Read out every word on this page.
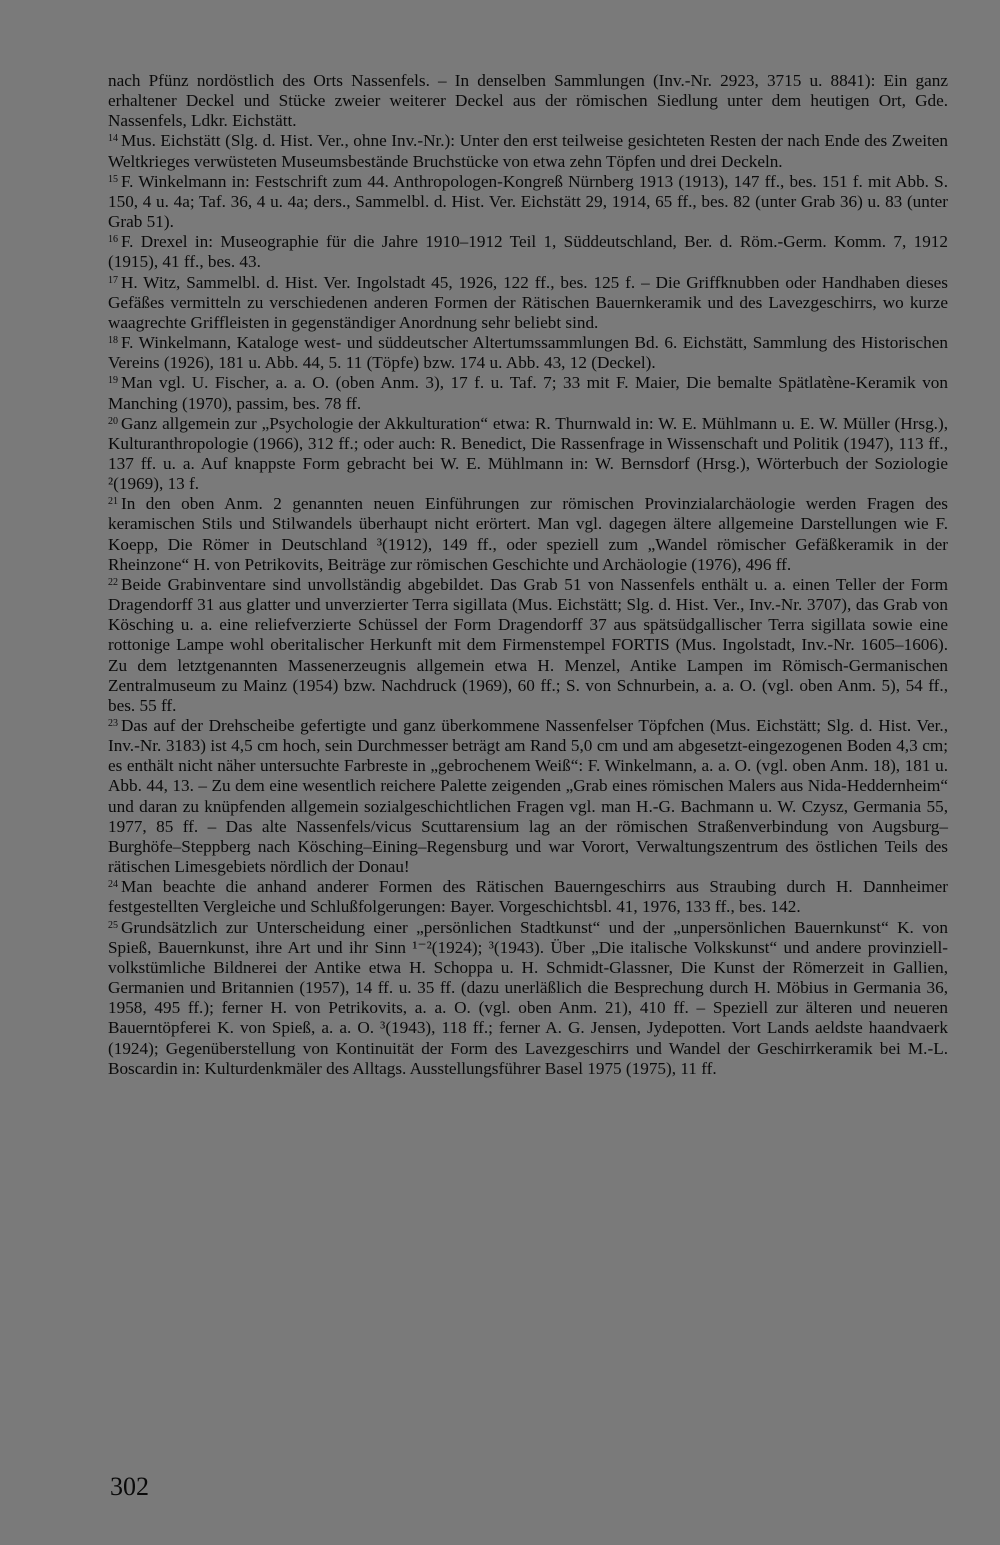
nach Pfünz nordöstlich des Orts Nassenfels. – In denselben Sammlungen (Inv.-Nr. 2923, 3715 u. 8841): Ein ganz erhaltener Deckel und Stücke zweier weiterer Deckel aus der römischen Siedlung unter dem heutigen Ort, Gde. Nassenfels, Ldkr. Eichstätt.

$^{14}$ Mus. Eichstätt (Slg. d. Hist. Ver., ohne Inv.-Nr.): Unter den erst teilweise gesichteten Resten der nach Ende des Zweiten Weltkrieges verwüsteten Museumsbestände Bruchstücke von etwa zehn Töpfen und drei Deckeln.

$^{15}$ F. Winkelmann in: Festschrift zum 44. Anthropologen-Kongreß Nürnberg 1913 (1913), 147 ff., bes. 151 f. mit Abb. S. 150, 4 u. 4a; Taf. 36, 4 u. 4a; ders., Sammelbl. d. Hist. Ver. Eichstätt 29, 1914, 65 ff., bes. 82 (unter Grab 36) u. 83 (unter Grab 51).

$^{16}$ F. Drexel in: Museographie für die Jahre 1910–1912 Teil 1, Süddeutschland, Ber. d. Röm.-Germ. Komm. 7, 1912 (1915), 41 ff., bes. 43.

$^{17}$ H. Witz, Sammelbl. d. Hist. Ver. Ingolstadt 45, 1926, 122 ff., bes. 125 f. – Die Griffknubben oder Handhaben dieses Gefäßes vermitteln zu verschiedenen anderen Formen der Rätischen Bauernkeramik und des Lavezgeschirrs, wo kurze waagrechte Griffleisten in gegenständiger Anordnung sehr beliebt sind.

$^{18}$ F. Winkelmann, Kataloge west- und süddeutscher Altertumssammlungen Bd. 6. Eichstätt, Sammlung des Historischen Vereins (1926), 181 u. Abb. 44, 5. 11 (Töpfe) bzw. 174 u. Abb. 43, 12 (Deckel).

$^{19}$ Man vgl. U. Fischer, a. a. O. (oben Anm. 3), 17 f. u. Taf. 7; 33 mit F. Maier, Die bemalte Spätlatène-Keramik von Manching (1970), passim, bes. 78 ff.

$^{20}$ Ganz allgemein zur „Psychologie der Akkulturation“ etwa: R. Thurnwald in: W. E. Mühlmann u. E. W. Müller (Hrsg.), Kulturanthropologie (1966), 312 ff.; oder auch: R. Benedict, Die Rassenfrage in Wissenschaft und Politik (1947), 113 ff., 137 ff. u. a. Auf knappste Form gebracht bei W. E. Mühlmann in: W. Bernsdorf (Hrsg.), Wörterbuch der Soziologie ²(1969), 13 f.

$^{21}$ In den oben Anm. 2 genannten neuen Einführungen zur römischen Provinzialarchäologie werden Fragen des keramischen Stils und Stilwandels überhaupt nicht erörtert. Man vgl. dagegen ältere allgemeine Darstellungen wie F. Koepp, Die Römer in Deutschland ³(1912), 149 ff., oder speziell zum „Wandel römischer Gefäßkeramik in der Rheinzone“ H. von Petrikovits, Beiträge zur römischen Geschichte und Archäologie (1976), 496 ff.

$^{22}$ Beide Grabinventare sind unvollständig abgebildet. Das Grab 51 von Nassenfels enthält u. a. einen Teller der Form Dragendorff 31 aus glatter und unverzierter Terra sigillata (Mus. Eichstätt; Slg. d. Hist. Ver., Inv.-Nr. 3707), das Grab von Kösching u. a. eine reliefverzierte Schüssel der Form Dragendorff 37 aus spätsüdgallischer Terra sigillata sowie eine rottonige Lampe wohl oberitalischer Herkunft mit dem Firmenstempel FORTIS (Mus. Ingolstadt, Inv.-Nr. 1605–1606). Zu dem letztgenannten Massenerzeugnis allgemein etwa H. Menzel, Antike Lampen im Römisch-Germanischen Zentralmuseum zu Mainz (1954) bzw. Nachdruck (1969), 60 ff.; S. von Schnurbein, a. a. O. (vgl. oben Anm. 5), 54 ff., bes. 55 ff.

$^{23}$ Das auf der Drehscheibe gefertigte und ganz überkommene Nassenfelser Töpfchen (Mus. Eichstätt; Slg. d. Hist. Ver., Inv.-Nr. 3183) ist 4,5 cm hoch, sein Durchmesser beträgt am Rand 5,0 cm und am abgesetzt-eingezogenen Boden 4,3 cm; es enthält nicht näher untersuchte Farbreste in „gebrochenem Weiß“: F. Winkelmann, a. a. O. (vgl. oben Anm. 18), 181 u. Abb. 44, 13. – Zu dem eine wesentlich reichere Palette zeigenden „Grab eines römischen Malers aus Nida-Heddernheim“ und daran zu knüpfenden allgemein sozialgeschichtlichen Fragen vgl. man H.-G. Bachmann u. W. Czysz, Germania 55, 1977, 85 ff. – Das alte Nassenfels/vicus Scuttarensium lag an der römischen Straßenverbindung von Augsburg–Burghöfe–Steppberg nach Kösching–Eining–Regensburg und war Vorort, Verwaltungszentrum des östlichen Teils des rätischen Limesgebiets nördlich der Donau!

$^{24}$ Man beachte die anhand anderer Formen des Rätischen Bauerngeschirrs aus Straubing durch H. Dannheimer festgestellten Vergleiche und Schlußfolgerungen: Bayer. Vorgeschichtsbl. 41, 1976, 133 ff., bes. 142.

$^{25}$ Grundsätzlich zur Unterscheidung einer „persönlichen Stadtkunst“ und der „unpersönlichen Bauernkunst“ K. von Spieß, Bauernkunst, ihre Art und ihr Sinn ¹⁻²(1924); ³(1943). Über „Die italische Volkskunst“ und andere provinziell-volkstümliche Bildnerei der Antike etwa H. Schoppa u. H. Schmidt-Glassner, Die Kunst der Römerzeit in Gallien, Germanien und Britannien (1957), 14 ff. u. 35 ff. (dazu unerläßlich die Besprechung durch H. Möbius in Germania 36, 1958, 495 ff.); ferner H. von Petrikovits, a. a. O. (vgl. oben Anm. 21), 410 ff. – Speziell zur älteren und neueren Bauerntöpferei K. von Spieß, a. a. O. ³(1943), 118 ff.; ferner A. G. Jensen, Jydepotten. Vort Lands aeldste haandvaerk (1924); Gegenüberstellung von Kontinuität der Form des Lavezgeschirrs und Wandel der Geschirrkeramik bei M.-L. Boscardin in: Kulturdenkmäler des Alltags. Ausstellungsführer Basel 1975 (1975), 11 ff.

302
